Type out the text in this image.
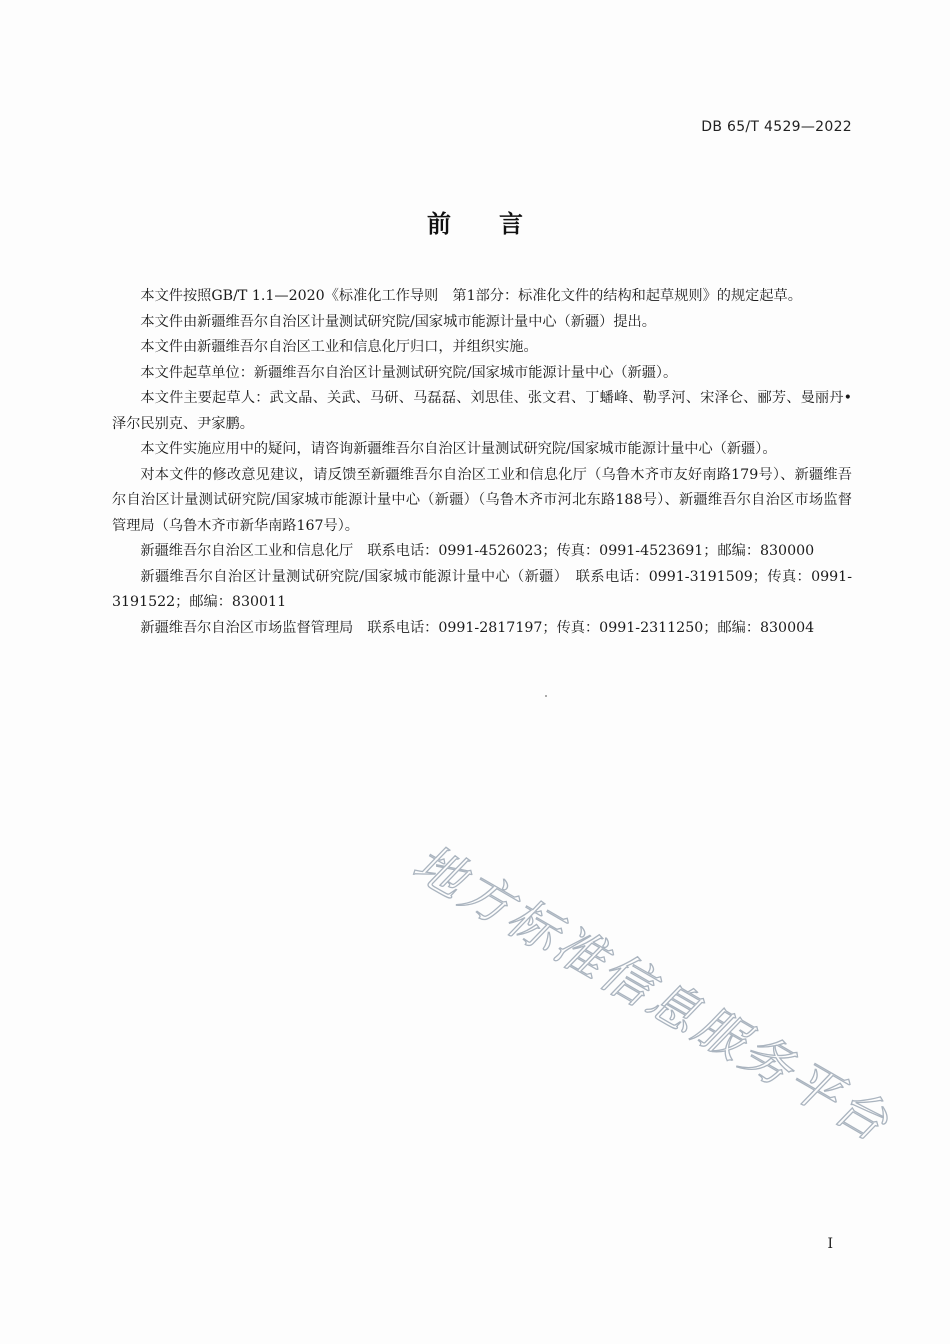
DB 65/T 4529—2022
前言

本文件按照GB/T 1.1—2020《标准化工作导则　第1部分：标准化文件的结构和起草规则》的规定起草。

本文件由新疆维吾尔自治区计量测试研究院/国家城市能源计量中心（新疆）提出。

本文件由新疆维吾尔自治区工业和信息化厅归口，并组织实施。

本文件起草单位：新疆维吾尔自治区计量测试研究院/国家城市能源计量中心（新疆）。

本文件主要起草人：武文晶、关武、马研、马磊磊、刘思佳、张文君、丁蟠峰、勒孚河、宋泽仑、郦芳、曼丽丹•泽尔民别克、尹家鹏。

本文件实施应用中的疑问，请咨询新疆维吾尔自治区计量测试研究院/国家城市能源计量中心（新疆）。

对本文件的修改意见建议，请反馈至新疆维吾尔自治区工业和信息化厅（乌鲁木齐市友好南路179号）、新疆维吾尔自治区计量测试研究院/国家城市能源计量中心（新疆）（乌鲁木齐市河北东路188号）、新疆维吾尔自治区市场监督管理局（乌鲁木齐市新华南路167号）。

新疆维吾尔自治区工业和信息化厅　联系电话：0991-4526023；传真：0991-4523691；邮编：830000

新疆维吾尔自治区计量测试研究院/国家城市能源计量中心（新疆）　联系电话：0991-3191509；传真：0991-3191522；邮编：830011

新疆维吾尔自治区市场监督管理局　联系电话：0991-2817197；传真：0991-2311250；邮编：830004

地方标准信息服务平台
I
